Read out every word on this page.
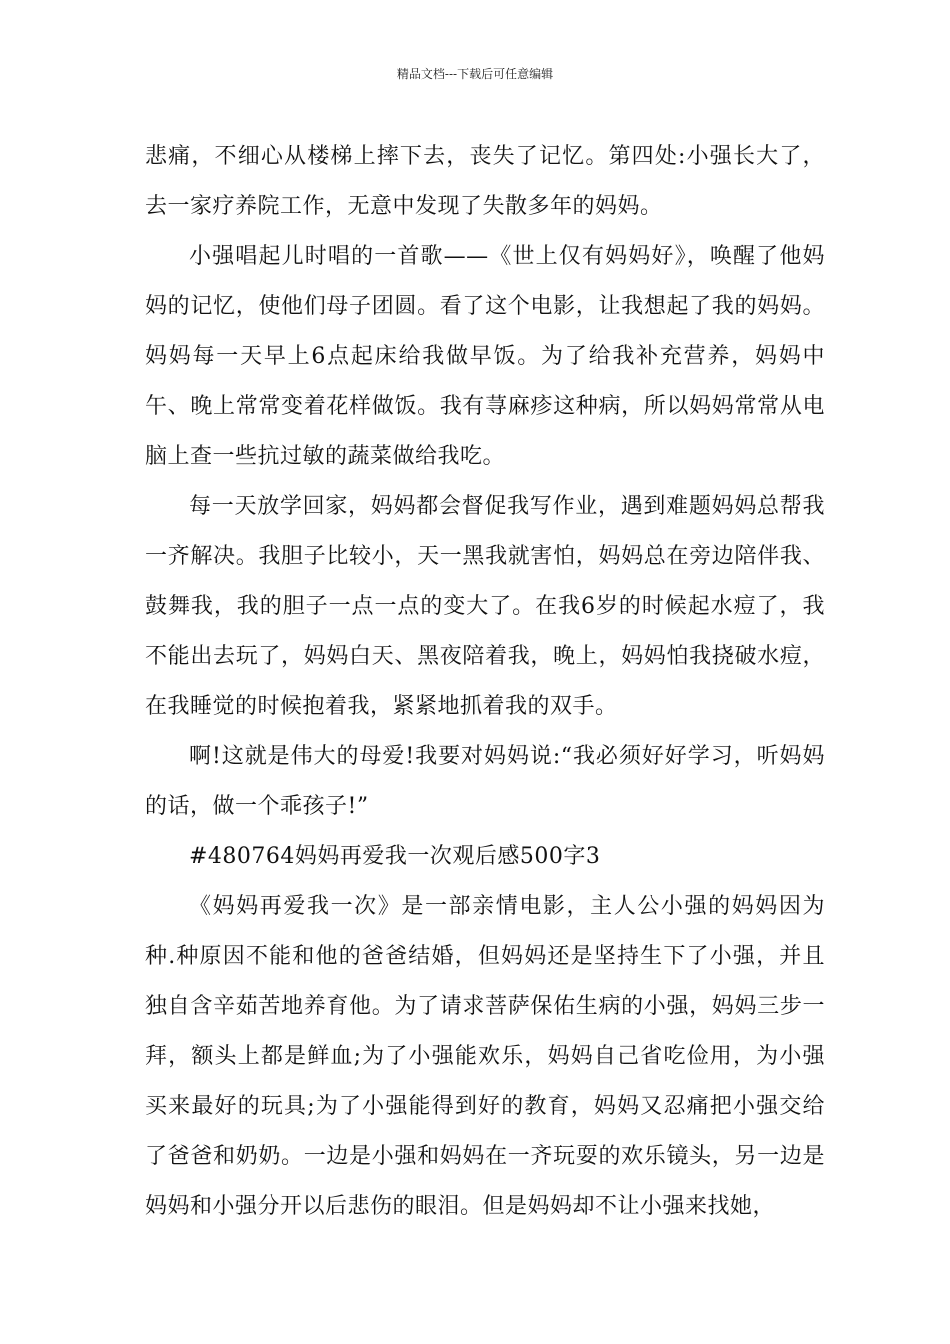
精品文档---下载后可任意编辑

悲痛，不细心从楼梯上摔下去，丧失了记忆。第四处:小强长大了，去一家疗养院工作，无意中发现了失散多年的妈妈。

小强唱起儿时唱的一首歌——《世上仅有妈妈好》，唤醒了他妈妈的记忆，使他们母子团圆。看了这个电影，让我想起了我的妈妈。妈妈每一天早上6点起床给我做早饭。为了给我补充营养，妈妈中午、晚上常常变着花样做饭。我有荨麻疹这种病，所以妈妈常常从电脑上查一些抗过敏的蔬菜做给我吃。

每一天放学回家，妈妈都会督促我写作业，遇到难题妈妈总帮我一齐解决。我胆子比较小，天一黑我就害怕，妈妈总在旁边陪伴我、鼓舞我，我的胆子一点一点的变大了。在我6岁的时候起水痘了，我不能出去玩了，妈妈白天、黑夜陪着我，晚上，妈妈怕我挠破水痘，在我睡觉的时候抱着我，紧紧地抓着我的双手。

啊!这就是伟大的母爱!我要对妈妈说:“我必须好好学习，听妈妈的话，做一个乖孩子!”

#480764妈妈再爱我一次观后感500字3

《妈妈再爱我一次》是一部亲情电影，主人公小强的妈妈因为种.种原因不能和他的爸爸结婚，但妈妈还是坚持生下了小强，并且独自含辛茹苦地养育他。为了请求菩萨保佑生病的小强，妈妈三步一拜，额头上都是鲜血;为了小强能欢乐，妈妈自己省吃俭用，为小强买来最好的玩具;为了小强能得到好的教育，妈妈又忍痛把小强交给了爸爸和奶奶。一边是小强和妈妈在一齐玩耍的欢乐镜头，另一边是妈妈和小强分开以后悲伤的眼泪。但是妈妈却不让小强来找她，
